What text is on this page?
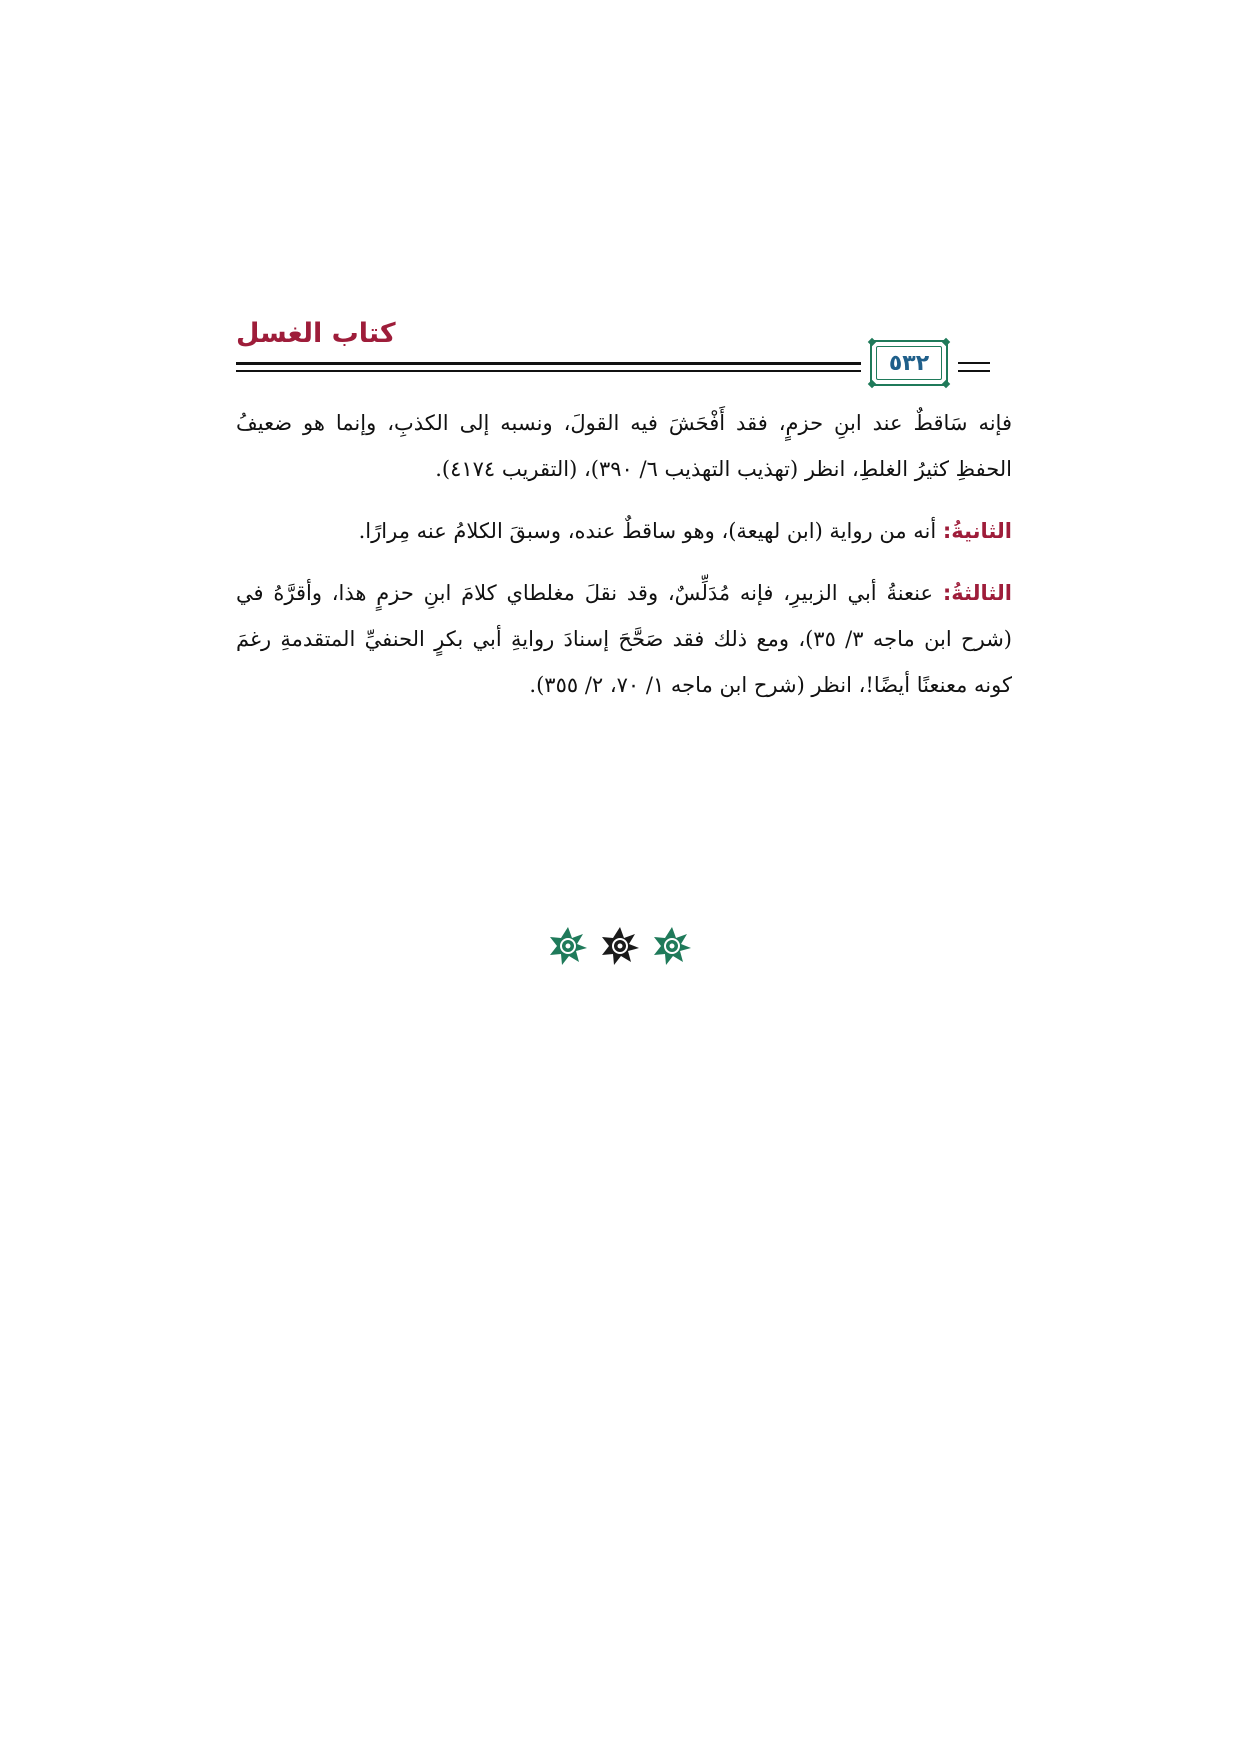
كتاب الغسل
٥٣٢

فإنه سَاقطٌ عند ابنِ حزمٍ، فقد أَفْحَشَ فيه القولَ، ونسبه إلى الكذبِ، وإنما هو ضعيفُ الحفظِ كثيرُ الغلطِ، انظر (تهذيب التهذيب ٦/ ٣٩٠)، (التقريب ٤١٧٤).

الثانيةُ: أنه من رواية (ابن لهيعة)، وهو ساقطٌ عنده، وسبقَ الكلامُ عنه مِرارًا.

الثالثةُ: عنعنةُ أبي الزبيرِ، فإنه مُدَلِّسٌ، وقد نقلَ مغلطاي كلامَ ابنِ حزمٍ هذا، وأقرَّهُ في (شرح ابن ماجه ٣/ ٣٥)، ومع ذلك فقد صَحَّحَ إسنادَ روايةِ أبي بكرٍ الحنفيِّ المتقدمةِ رغمَ كونه معنعنًا أيضًا!، انظر (شرح ابن ماجه ١/ ٧٠، ٢/ ٣٥٥).
